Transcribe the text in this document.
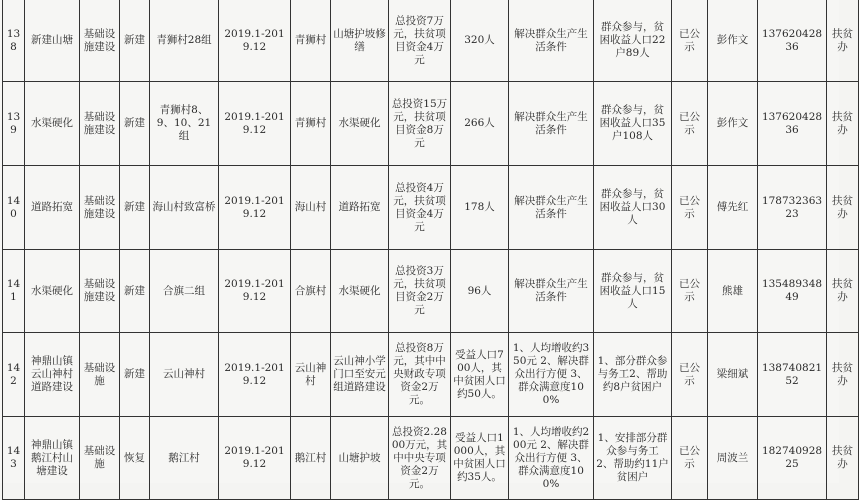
138	新建山塘	基础设施建设	新建	青狮村28组	2019.1-2019.12	青狮村	山塘护坡修缮	总投资7万元，扶贫项目资金4万元	320人	解决群众生产生活条件	群众参与，贫困收益人口22户89人	已公示	彭作文	13762042836	扶贫办
139	水渠硬化	基础设施建设	新建	青狮村8、9、10、21组	2019.1-2019.12	青狮村	水渠硬化	总投资15万元，扶贫项目资金8万元	266人	解决群众生产生活条件	群众参与，贫困收益人口35户108人	已公示	彭作文	13762042836	扶贫办
140	道路拓宽	基础设施建设	新建	海山村致富桥	2019.1-2019.12	海山村	道路拓宽	总投资4万元，扶贫项目资金4万元	178人	解决群众生产生活条件	群众参与，贫困收益人口30人	已公示	傅先红	17873236323	扶贫办
141	水渠硬化	基础设施建设	新建	合旗二组	2019.1-2019.12	合旗村	水渠硬化	总投资3万元，扶贫项目资金2万元	96人	解决群众生产生活条件	群众参与，贫困收益人口15人	已公示	熊雄	13548934849	扶贫办
142	神鼎山镇云山神村道路建设	基础设施	新建	云山神村	2019.1-2019.12	云山神村	云山神小学门口至安元组道路建设	总投资8万元，其中中央财政专项资金2万元。	受益人口700人，其中贫困人口约50人。	1、人均增收约350元 2、解决群众出行方便 3、群众满意度100%	1、部分群众参与务工2、帮助约8户贫困户	已公示	梁细斌	13874082152	扶贫办
143	神鼎山镇鹅江村山塘建设	基础设施	恢复	鹅江村	2019.1-2019.12	鹅江村	山塘护坡	总投资2.2800万元，其中中央专项资金2万元。	受益人口1000人，其中贫困人口约35人。	1、人均增收约200元 2、解决群众出行方便 3、群众满意度100%	1、安排部分群众参与务工 2、帮助约11户贫困户	已公示	周波兰	18274092825	扶贫办
